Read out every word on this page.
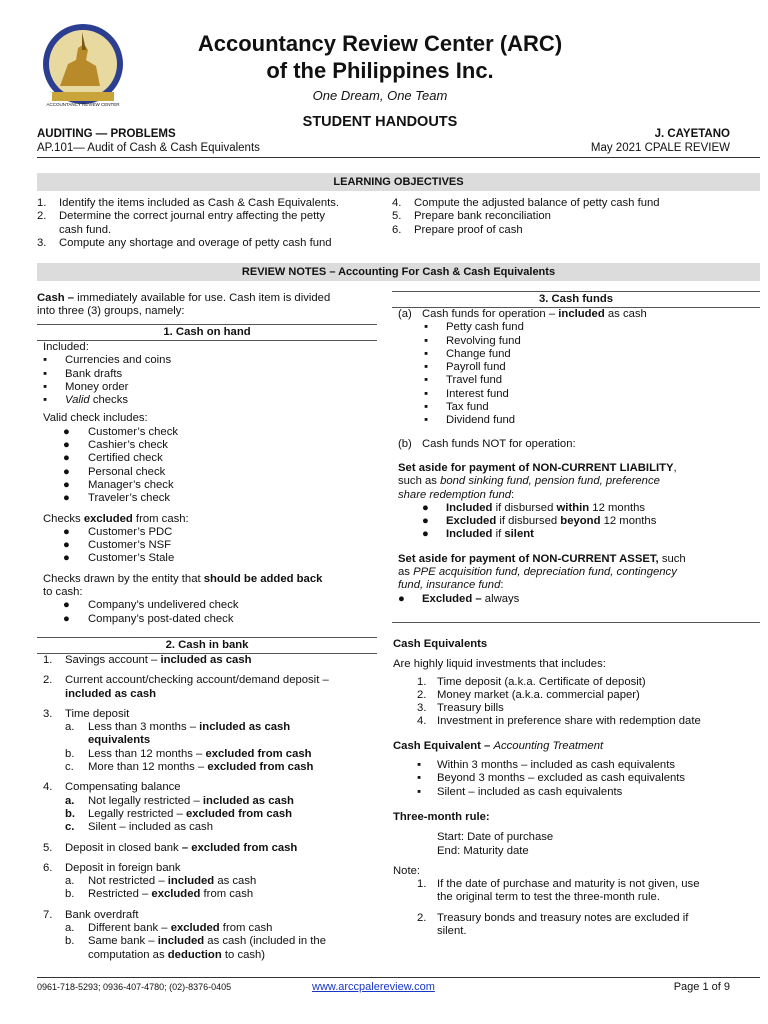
ACCOUNTANCY REVIEW CENTER
Accountancy Review Center (ARC)
of the Philippines Inc.
One Dream, One Team
STUDENT HANDOUTS
AUDITING — PROBLEMS	J. CAYETANO
AP.101— Audit of Cash & Cash Equivalents	May 2021 CPALE REVIEW
LEARNING OBJECTIVES
1. Identify the items included as Cash & Cash Equivalents.
2. Determine the correct journal entry affecting the petty
cash fund.
3. Compute any shortage and overage of petty cash fund
4. Compute the adjusted balance of petty cash fund
5. Prepare bank reconciliation
6. Prepare proof of cash
REVIEW NOTES – Accounting For Cash & Cash Equivalents

Cash – immediately available for use. Cash item is divided

into three (3) groups, namely:

1. Cash on hand

Included:

▪ Currencies and coins
▪ Bank drafts
▪ Money order
▪ Valid checks

Valid check includes:

● Customer’s check
● Cashier’s check
● Certified check
● Personal check
● Manager’s check
● Traveler’s check

Checks excluded from cash:

● Customer’s PDC
● Customer’s NSF
● Customer’s Stale

Checks drawn by the entity that should be added back

to cash:

● Company’s undelivered check
● Company’s post-dated check
2. Cash in bank
1. Savings account – included as cash
2. Current account/checking account/demand deposit –
included as cash
3. Time deposit
a. Less than 3 months – included as cash
equivalents
b. Less than 12 months – excluded from cash
c. More than 12 months – excluded from cash
4. Compensating balance
a. Not legally restricted – included as cash
b. Legally restricted – excluded from cash
c. Silent – included as cash
5. Deposit in closed bank – excluded from cash
6. Deposit in foreign bank
a. Not restricted – included as cash
b. Restricted – excluded from cash
7. Bank overdraft
a. Different bank – excluded from cash
b. Same bank – included as cash (included in the
computation as deduction to cash)
3. Cash funds
(a) Cash funds for operation – included as cash
▪ Petty cash fund
▪ Revolving fund
▪ Change fund
▪ Payroll fund
▪ Travel fund
▪ Interest fund
▪ Tax fund
▪ Dividend fund
(b) Cash funds NOT for operation:

Set aside for payment of NON-CURRENT LIABILITY,

such as bond sinking fund, pension fund, preference

share redemption fund:

● Included if disbursed within 12 months
● Excluded if disbursed beyond 12 months
● Included if silent

Set aside for payment of NON-CURRENT ASSET, such

as PPE acquisition fund, depreciation fund, contingency

fund, insurance fund:

● Excluded – always

Cash Equivalents

Are highly liquid investments that includes:

1. Time deposit (a.k.a. Certificate of deposit)
2. Money market (a.k.a. commercial paper)
3. Treasury bills
4. Investment in preference share with redemption date

Cash Equivalent – Accounting Treatment

▪ Within 3 months – included as cash equivalents
▪ Beyond 3 months – excluded as cash equivalents
▪ Silent – included as cash equivalents

Three-month rule:

Start: Date of purchase

End: Maturity date

Note:

1. If the date of purchase and maturity is not given, use
the original term to test the three-month rule.
2. Treasury bonds and treasury notes are excluded if
silent.
0961-718-5293; 0936-407-4780; (02)-8376-0405	www.arccpalereview.com	Page 1 of 9
